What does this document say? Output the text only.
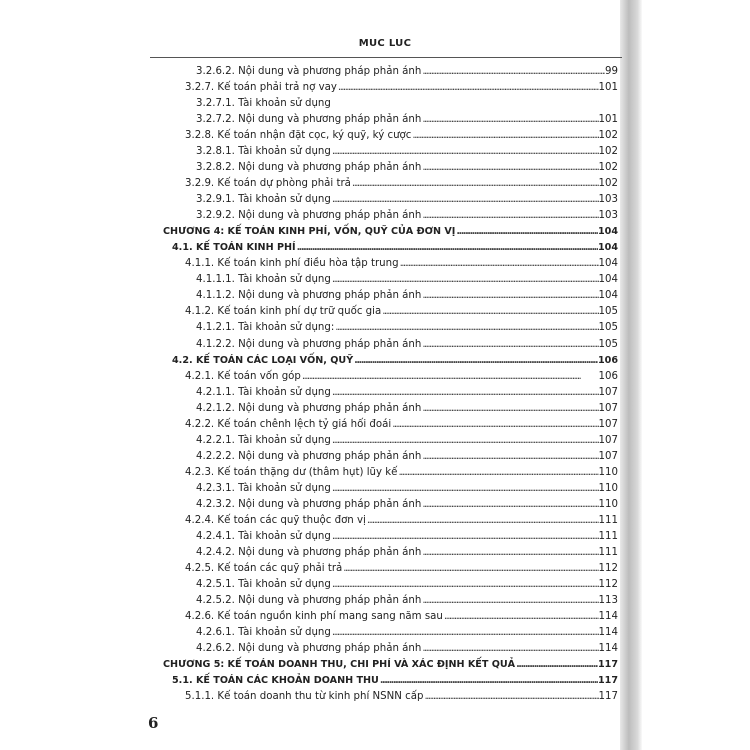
MUC LUC
3.2.6.2. Nội dung và phương pháp phản ánh . . .	99
3.2.7. Kế toán phải trả nợ vay . . .	101
3.2.7.1. Tài khoản sử dụng
3.2.7.2. Nội dung và phương pháp phản ánh . . .	101
3.2.8. Kế toán nhận đặt cọc, ký quỹ, ký cược . . .	102
3.2.8.1. Tài khoản sử dụng . . .	102
3.2.8.2. Nội dung và phương pháp phản ánh . . .	102
3.2.9. Kế toán dự phòng phải trả . . .	102
3.2.9.1. Tài khoản sử dụng . . .	103
3.2.9.2. Nội dung và phương pháp phản ánh . . .	103
CHƯƠNG 4: KẾ TOÁN KINH PHÍ, VỐN, QUỸ CỦA ĐƠN VỊ . . .	104
4.1. KẾ TOÁN KINH PHÍ . . .	104
4.1.1. Kế toán kinh phí điều hòa tập trung . . .	104
4.1.1.1. Tài khoản sử dụng . . .	104
4.1.1.2. Nội dung và phương pháp phản ánh . . .	104
4.1.2. Kế toán kinh phí dự trữ quốc gia . . .	105
4.1.2.1. Tài khoản sử dụng: . . .	105
4.1.2.2. Nội dung và phương pháp phản ánh . . .	105
4.2. KẾ TOÁN CÁC LOẠI VỐN, QUỸ . . .	106
4.2.1. Kế toán vốn góp . . .	106
4.2.1.1. Tài khoản sử dụng . . .	107
4.2.1.2. Nội dung và phương pháp phản ánh . . .	107
4.2.2. Kế toán chênh lệch tỷ giá hối đoái . . .	107
4.2.2.1. Tài khoản sử dụng . . .	107
4.2.2.2. Nội dung và phương pháp phản ánh . . .	107
4.2.3. Kế toán thặng dư (thâm hụt) lũy kế . . .	110
4.2.3.1. Tài khoản sử dụng . . .	110
4.2.3.2. Nội dung và phương pháp phản ánh . . .	110
4.2.4. Kế toán các quỹ thuộc đơn vị . . .	111
4.2.4.1. Tài khoản sử dụng . . .	111
4.2.4.2. Nội dung và phương pháp phản ánh . . .	111
4.2.5. Kế toán các quỹ phải trả . . .	112
4.2.5.1. Tài khoản sử dụng . . .	112
4.2.5.2. Nội dung và phương pháp phản ánh . . .	113
4.2.6. Kế toán nguồn kinh phí mang sang năm sau . . .	114
4.2.6.1. Tài khoản sử dụng . . .	114
4.2.6.2. Nội dung và phương pháp phản ánh . . .	114
CHƯƠNG 5: KẾ TOÁN DOANH THU, CHI PHÍ VÀ XÁC ĐỊNH KẾT QUẢ . . .	117
5.1. KẾ TOÁN CÁC KHOẢN DOANH THU . . .	117
5.1.1. Kế toán doanh thu từ kinh phí NSNN cấp . . .	117
6
